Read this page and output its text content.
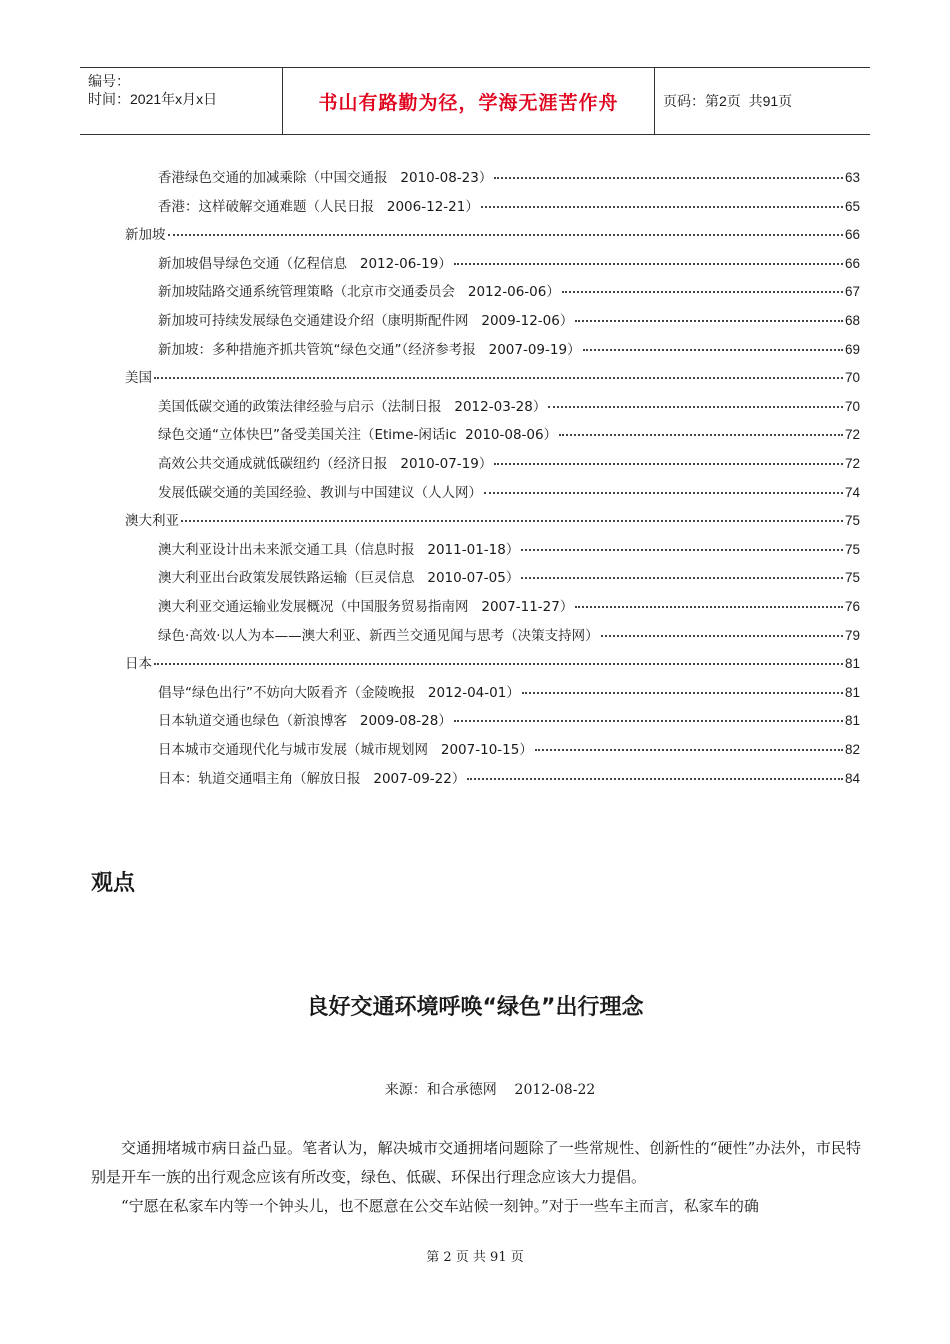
编号：
时间：2021年x月x日	书山有路勤为径，学海无涯苦作舟	页码：第2页  共91页
香港绿色交通的加减乘除（中国交通报   2010-08-23）	63
香港：这样破解交通难题（人民日报   2006-12-21）	65
新加坡	66
新加坡倡导绿色交通（亿程信息   2012-06-19）	66
新加坡陆路交通系统管理策略（北京市交通委员会   2012-06-06）	67
新加坡可持续发展绿色交通建设介绍（康明斯配件网   2009-12-06）	68
新加坡：多种措施齐抓共管筑“绿色交通”（经济参考报   2007-09-19）	69
美国	70
美国低碳交通的政策法律经验与启示（法制日报   2012-03-28）	70
绿色交通“立体快巴”备受美国关注（Etime-闲话ic  2010-08-06）	72
高效公共交通成就低碳纽约（经济日报   2010-07-19）	72
发展低碳交通的美国经验、教训与中国建议（人人网）	74
澳大利亚	75
澳大利亚设计出未来派交通工具（信息时报   2011-01-18）	75
澳大利亚出台政策发展铁路运输（巨灵信息   2010-07-05）	75
澳大利亚交通运输业发展概况（中国服务贸易指南网   2007-11-27）	76
绿色·高效·以人为本——澳大利亚、新西兰交通见闻与思考（决策支持网）	79
日本	81
倡导“绿色出行”不妨向大阪看齐（金陵晚报   2012-04-01）	81
日本轨道交通也绿色（新浪博客   2009-08-28）	81
日本城市交通现代化与城市发展（城市规划网   2007-10-15）	82
日本：轨道交通唱主角（解放日报   2007-09-22）	84
观点
良好交通环境呼唤“绿色”出行理念
来源：和合承德网    2012-08-22

交通拥堵城市病日益凸显。笔者认为，解决城市交通拥堵问题除了一些常规性、创新性的“硬性”办法外，市民特别是开车一族的出行观念应该有所改变，绿色、低碳、环保出行理念应该大力提倡。

“宁愿在私家车内等一个钟头儿，也不愿意在公交车站候一刻钟。”对于一些车主而言，私家车的确

第 2 页 共 91 页
